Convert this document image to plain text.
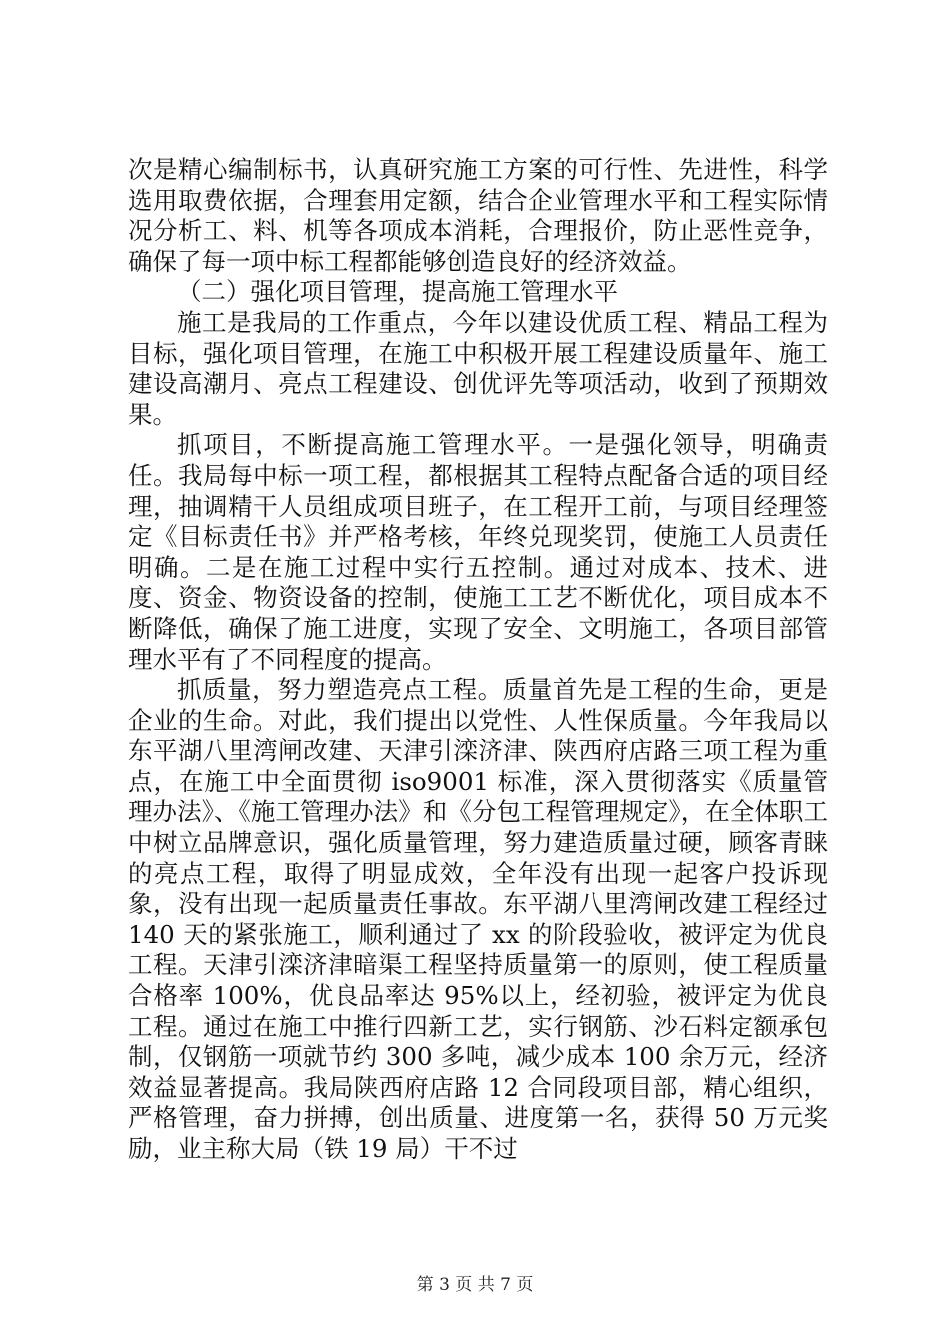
次是精心编制标书，认真研究施工方案的可行性、先进性，科学选用取费依据，合理套用定额，结合企业管理水平和工程实际情况分析工、料、机等各项成本消耗，合理报价，防止恶性竞争，确保了每一项中标工程都能够创造良好的经济效益。

（二）强化项目管理，提高施工管理水平

施工是我局的工作重点，今年以建设优质工程、精品工程为目标，强化项目管理，在施工中积极开展工程建设质量年、施工建设高潮月、亮点工程建设、创优评先等项活动，收到了预期效果。

抓项目，不断提高施工管理水平。一是强化领导，明确责任。我局每中标一项工程，都根据其工程特点配备合适的项目经理，抽调精干人员组成项目班子，在工程开工前，与项目经理签定《目标责任书》并严格考核，年终兑现奖罚，使施工人员责任明确。二是在施工过程中实行五控制。通过对成本、技术、进度、资金、物资设备的控制，使施工工艺不断优化，项目成本不断降低，确保了施工进度，实现了安全、文明施工，各项目部管理水平有了不同程度的提高。

抓质量，努力塑造亮点工程。质量首先是工程的生命，更是企业的生命。对此，我们提出以党性、人性保质量。今年我局以东平湖八里湾闸改建、天津引滦济津、陕西府店路三项工程为重点，在施工中全面贯彻 iso9001 标准，深入贯彻落实《质量管理办法》、《施工管理办法》和《分包工程管理规定》，在全体职工中树立品牌意识，强化质量管理，努力建造质量过硬，顾客青睐的亮点工程，取得了明显成效，全年没有出现一起客户投诉现象，没有出现一起质量责任事故。东平湖八里湾闸改建工程经过 140 天的紧张施工，顺利通过了 xx 的阶段验收，被评定为优良工程。天津引滦济津暗渠工程坚持质量第一的原则，使工程质量合格率 100%，优良品率达 95%以上，经初验，被评定为优良工程。通过在施工中推行四新工艺，实行钢筋、沙石料定额承包制，仅钢筋一项就节约 300 多吨，减少成本 100 余万元，经济效益显著提高。我局陕西府店路 12 合同段项目部，精心组织，严格管理，奋力拼搏，创出质量、进度第一名，获得 50 万元奖励，业主称大局（铁 19 局）干不过

第 3 页 共 7 页
